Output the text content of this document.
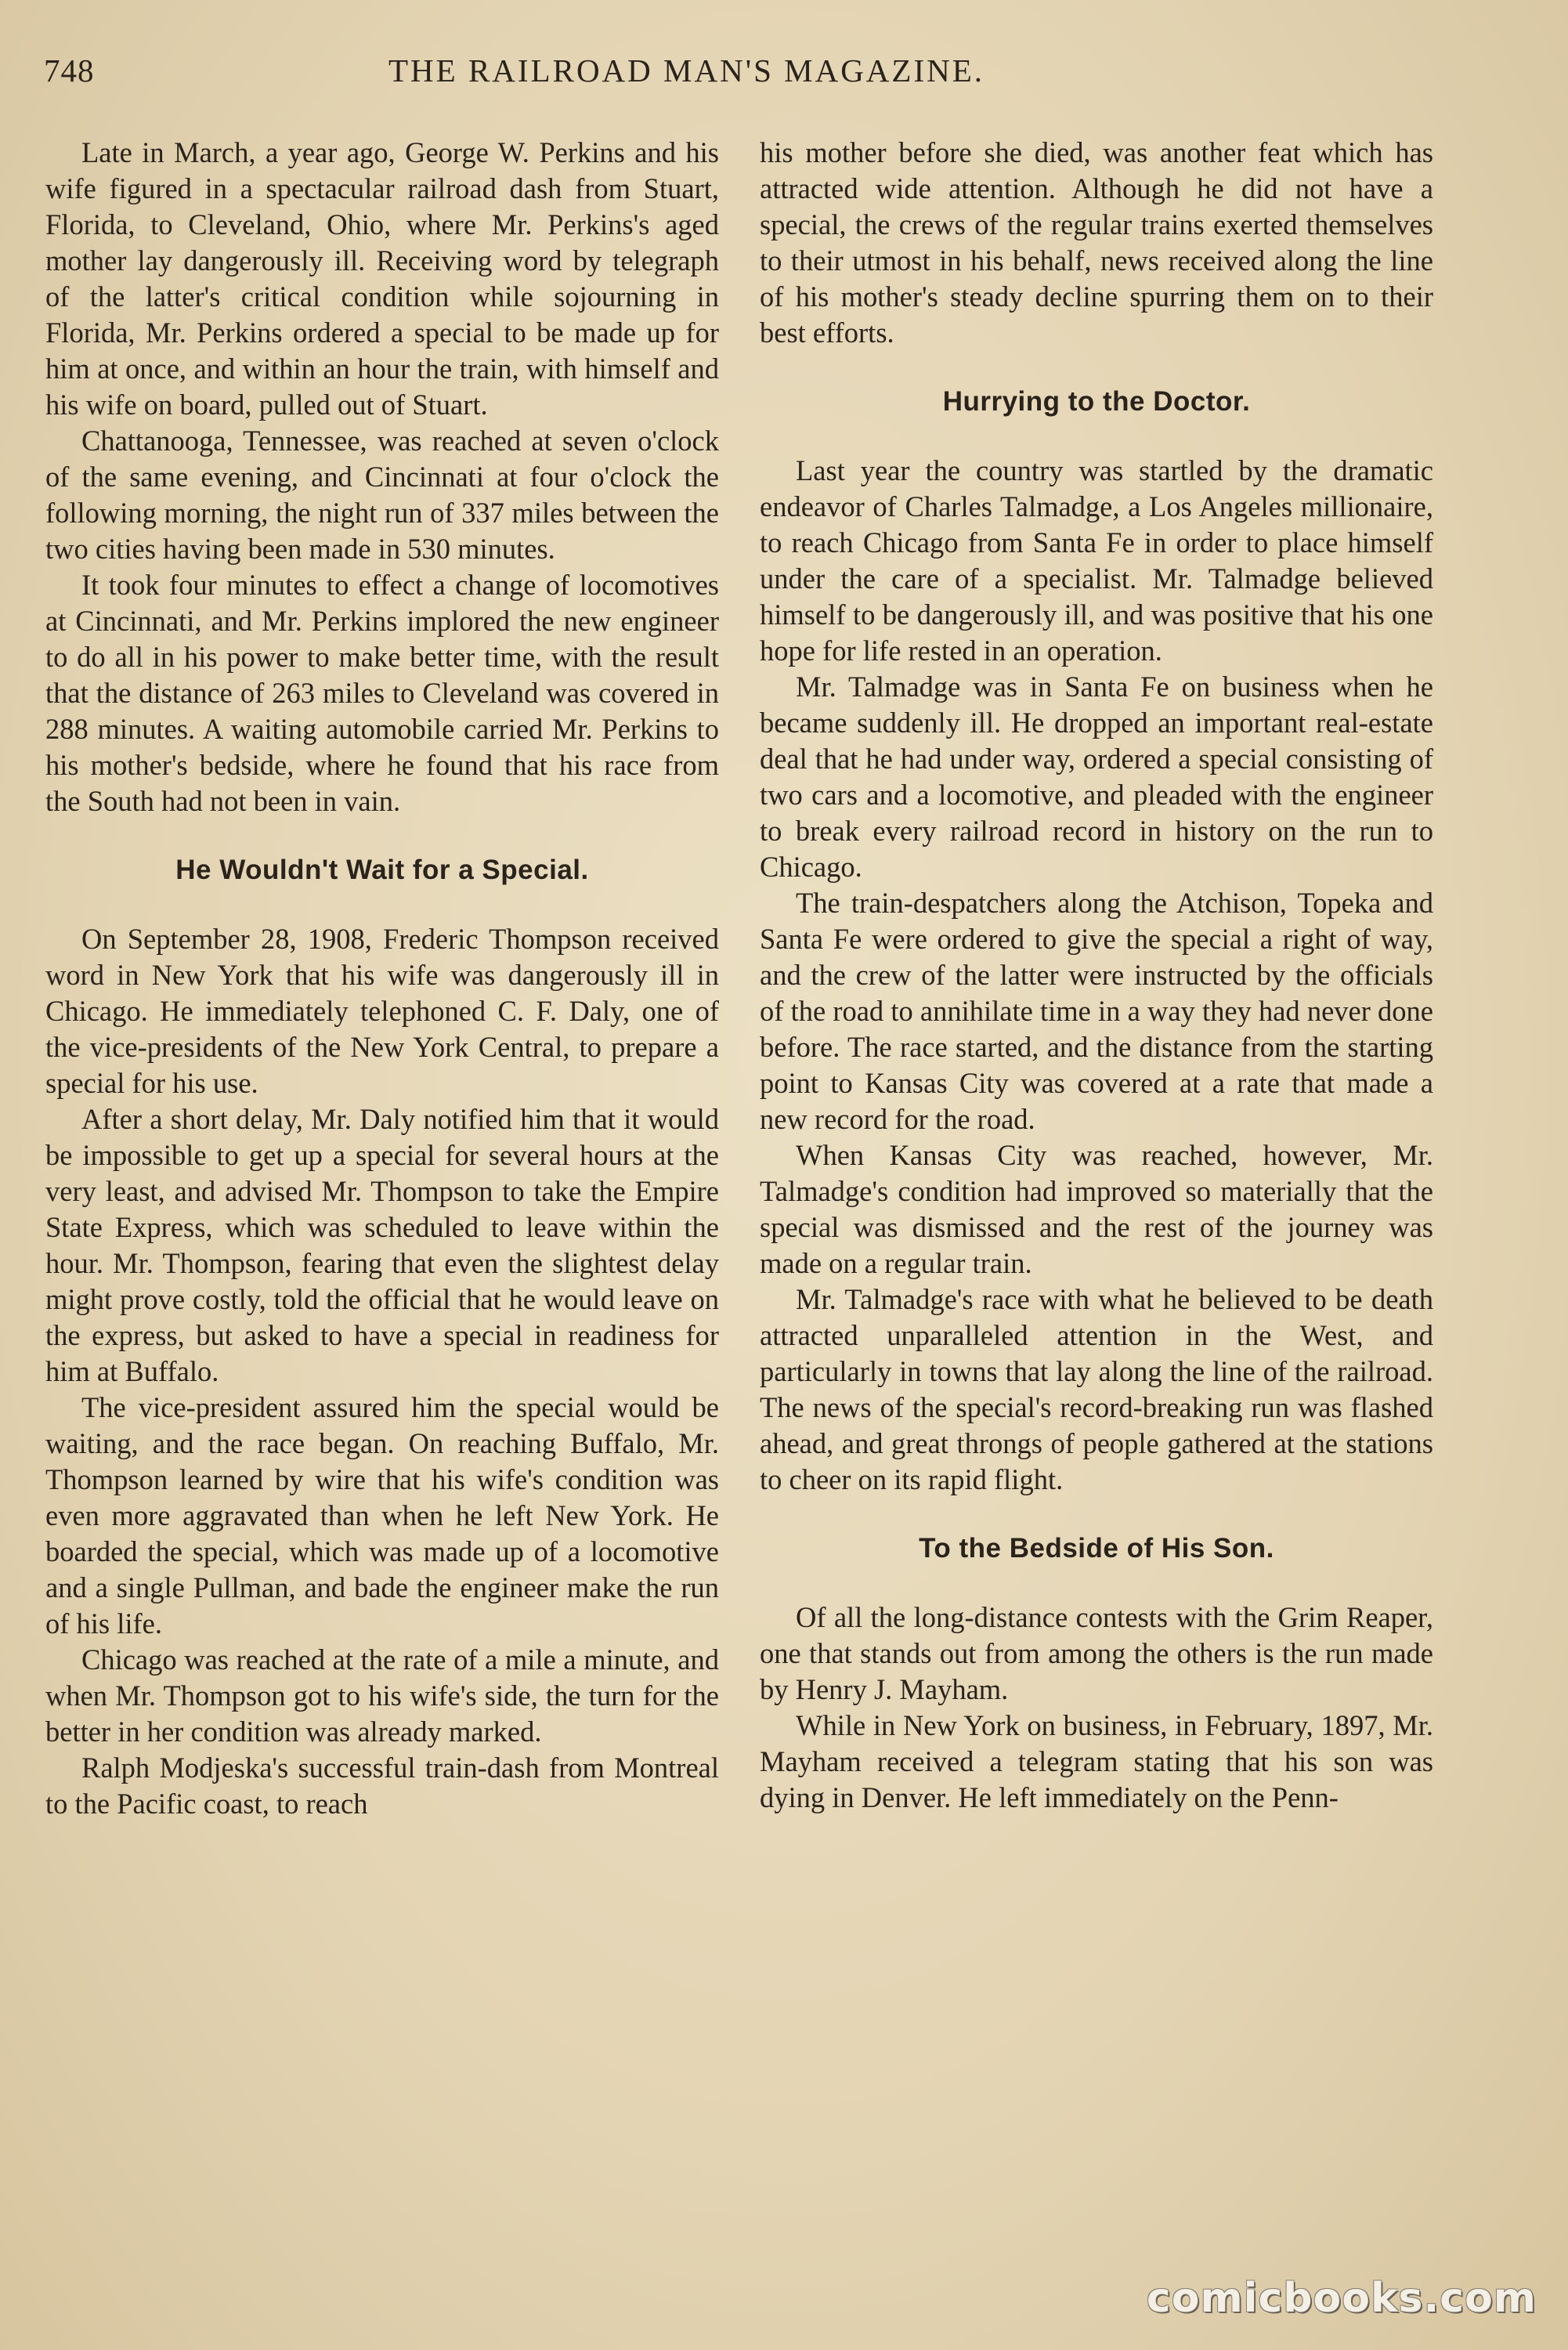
748	THE RAILROAD MAN'S MAGAZINE.

Late in March, a year ago, George W. Perkins and his wife figured in a spectacular railroad dash from Stuart, Florida, to Cleveland, Ohio, where Mr. Perkins's aged mother lay dangerously ill. Receiving word by telegraph of the latter's critical condition while sojourning in Florida, Mr. Perkins ordered a special to be made up for him at once, and within an hour the train, with himself and his wife on board, pulled out of Stuart.

Chattanooga, Tennessee, was reached at seven o'clock of the same evening, and Cincinnati at four o'clock the following morning, the night run of 337 miles between the two cities having been made in 530 minutes.

It took four minutes to effect a change of locomotives at Cincinnati, and Mr. Perkins implored the new engineer to do all in his power to make better time, with the result that the distance of 263 miles to Cleveland was covered in 288 minutes. A waiting automobile carried Mr. Perkins to his mother's bedside, where he found that his race from the South had not been in vain.

He Wouldn't Wait for a Special.

On September 28, 1908, Frederic Thompson received word in New York that his wife was dangerously ill in Chicago. He immediately telephoned C. F. Daly, one of the vice-presidents of the New York Central, to prepare a special for his use.

After a short delay, Mr. Daly notified him that it would be impossible to get up a special for several hours at the very least, and advised Mr. Thompson to take the Empire State Express, which was scheduled to leave within the hour. Mr. Thompson, fearing that even the slightest delay might prove costly, told the official that he would leave on the express, but asked to have a special in readiness for him at Buffalo.

The vice-president assured him the special would be waiting, and the race began. On reaching Buffalo, Mr. Thompson learned by wire that his wife's condition was even more aggravated than when he left New York. He boarded the special, which was made up of a locomotive and a single Pullman, and bade the engineer make the run of his life.

Chicago was reached at the rate of a mile a minute, and when Mr. Thompson got to his wife's side, the turn for the better in her condition was already marked.

Ralph Modjeska's successful train-dash from Montreal to the Pacific coast, to reach

his mother before she died, was another feat which has attracted wide attention. Although he did not have a special, the crews of the regular trains exerted themselves to their utmost in his behalf, news received along the line of his mother's steady decline spurring them on to their best efforts.

Hurrying to the Doctor.

Last year the country was startled by the dramatic endeavor of Charles Talmadge, a Los Angeles millionaire, to reach Chicago from Santa Fe in order to place himself under the care of a specialist. Mr. Talmadge believed himself to be dangerously ill, and was positive that his one hope for life rested in an operation.

Mr. Talmadge was in Santa Fe on business when he became suddenly ill. He dropped an important real-estate deal that he had under way, ordered a special consisting of two cars and a locomotive, and pleaded with the engineer to break every railroad record in history on the run to Chicago.

The train-despatchers along the Atchison, Topeka and Santa Fe were ordered to give the special a right of way, and the crew of the latter were instructed by the officials of the road to annihilate time in a way they had never done before. The race started, and the distance from the starting point to Kansas City was covered at a rate that made a new record for the road.

When Kansas City was reached, however, Mr. Talmadge's condition had improved so materially that the special was dismissed and the rest of the journey was made on a regular train.

Mr. Talmadge's race with what he believed to be death attracted unparalleled attention in the West, and particularly in towns that lay along the line of the railroad. The news of the special's record-breaking run was flashed ahead, and great throngs of people gathered at the stations to cheer on its rapid flight.

To the Bedside of His Son.

Of all the long-distance contests with the Grim Reaper, one that stands out from among the others is the run made by Henry J. Mayham.

While in New York on business, in February, 1897, Mr. Mayham received a telegram stating that his son was dying in Denver. He left immediately on the Penn-

comicbooks.com
